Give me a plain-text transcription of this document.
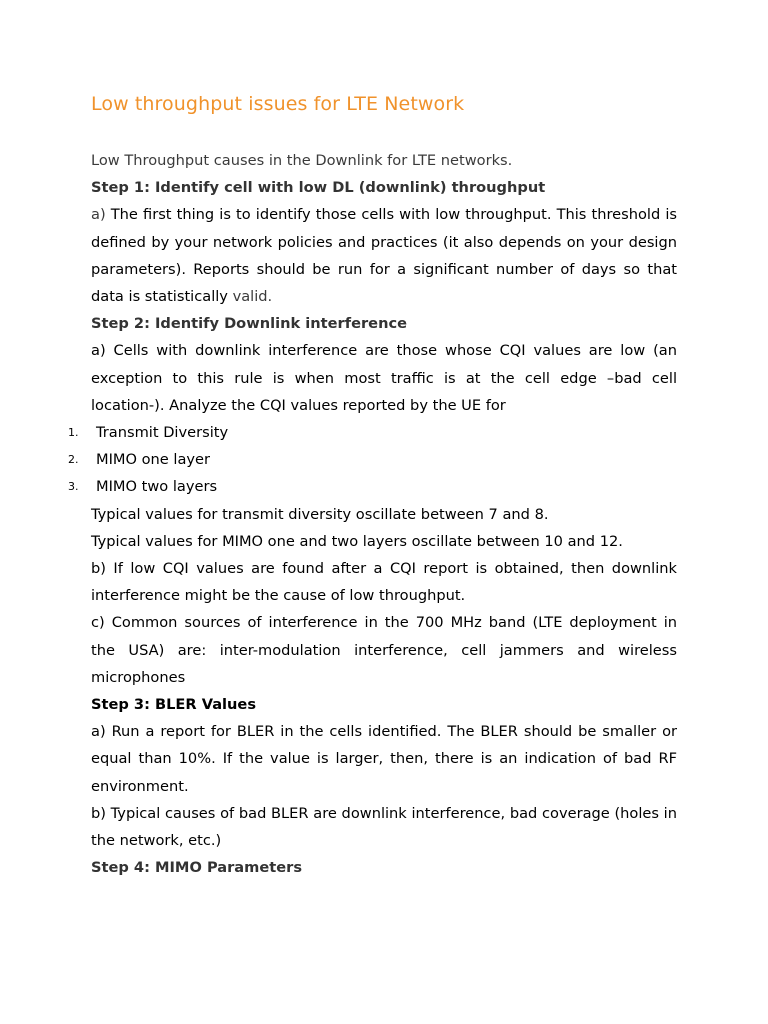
Low throughput issues for LTE Network

Low Throughput causes in the Downlink for LTE networks.

Step 1: Identify cell with low DL (downlink) throughput

a) The first thing is to identify those cells with low throughput. This threshold is defined by your network policies and practices (it also depends on your design parameters). Reports should be run for a significant number of days so that data is statistically valid.

Step 2: Identify Downlink interference

a) Cells with downlink interference are those whose CQI values are low (an exception to this rule is when most traffic is at the cell edge –bad cell location-). Analyze the CQI values reported by the UE for

1. Transmit Diversity
2. MIMO one layer
3. MIMO two layers

Typical values for transmit diversity oscillate between 7 and 8.

Typical values for MIMO one and two layers oscillate between 10 and 12.

b) If low CQI values are found after a CQI report is obtained, then downlink interference might be the cause of low throughput.

c) Common sources of interference in the 700 MHz band (LTE deployment in the USA) are: inter-modulation interference, cell jammers and wireless microphones

Step 3: BLER Values

a) Run a report for BLER in the cells identified. The BLER should be smaller or equal than 10%. If the value is larger, then, there is an indication of bad RF environment.

b) Typical causes of bad BLER are downlink interference, bad coverage (holes in the network, etc.)

Step 4: MIMO Parameters
